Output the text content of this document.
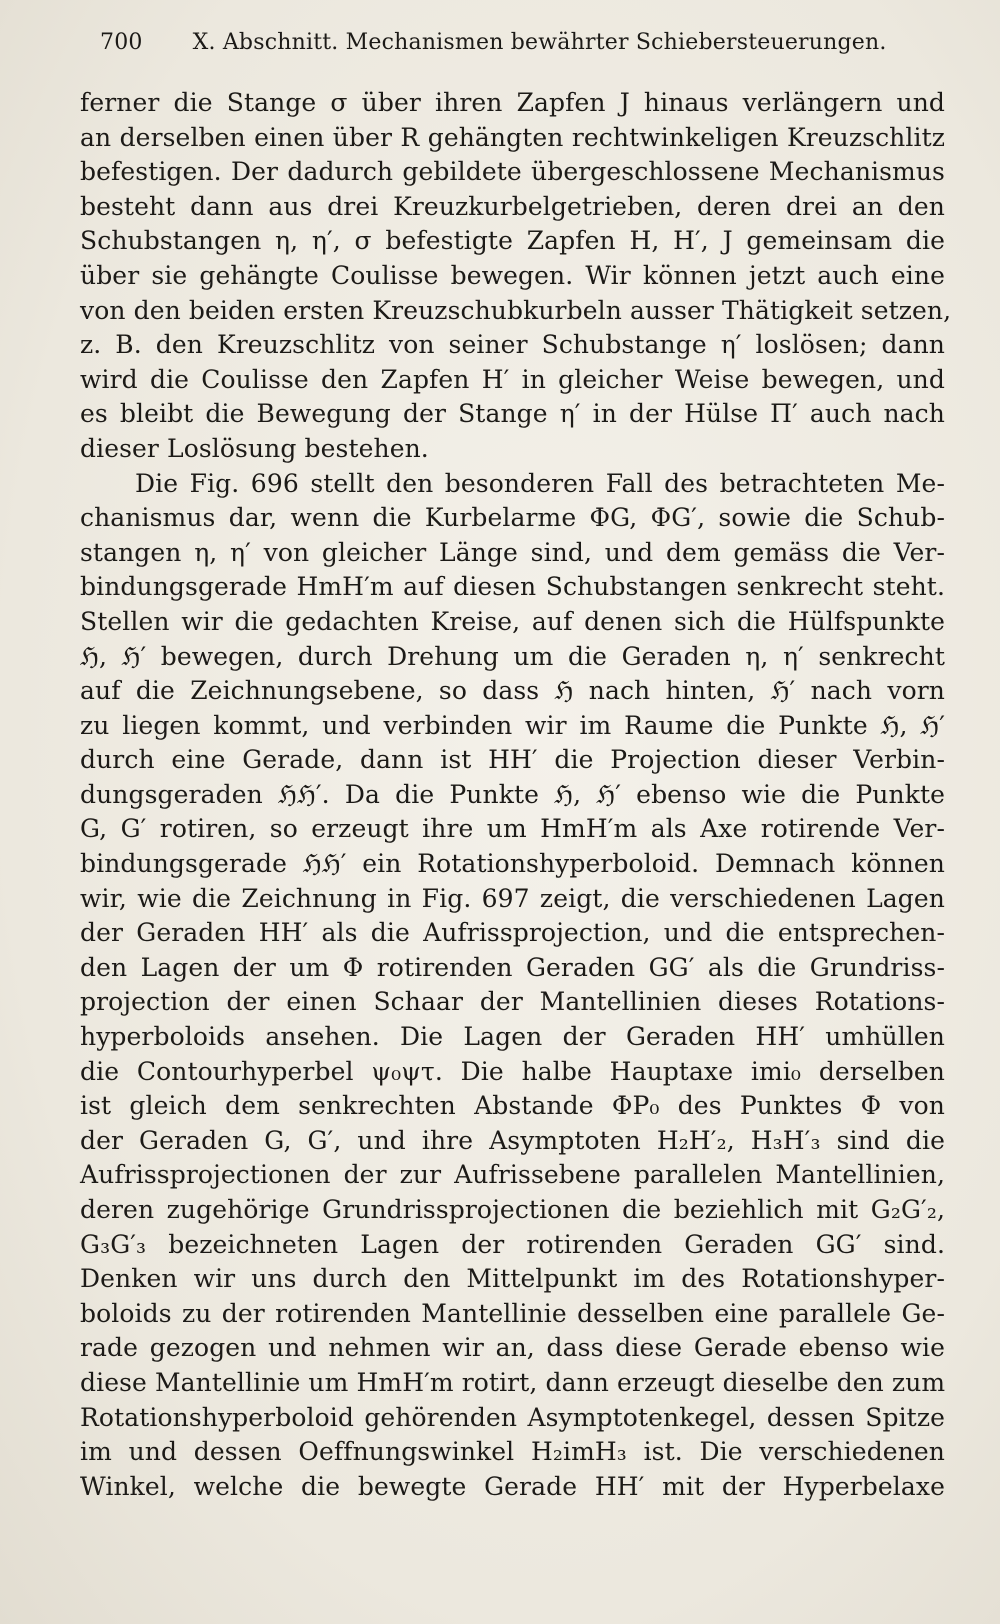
700 X. Abschnitt. Mechanismen bewährter Schiebersteuerungen.
ferner die Stange σ über ihren Zapfen J hinaus verlängern und
an derselben einen über R gehängten rechtwinkeligen Kreuzschlitz
befestigen. Der dadurch gebildete übergeschlossene Mechanismus
besteht dann aus drei Kreuzkurbelgetrieben, deren drei an den
Schubstangen η, η′, σ befestigte Zapfen H, H′, J gemeinsam die
über sie gehängte Coulisse bewegen. Wir können jetzt auch eine
von den beiden ersten Kreuzschubkurbeln ausser Thätigkeit setzen,
z. B. den Kreuzschlitz von seiner Schubstange η′ loslösen; dann
wird die Coulisse den Zapfen H′ in gleicher Weise bewegen, und
es bleibt die Bewegung der Stange η′ in der Hülse Π′ auch nach
dieser Loslösung bestehen.
Die Fig. 696 stellt den besonderen Fall des betrachteten Me-
chanismus dar, wenn die Kurbelarme ΦG, ΦG′, sowie die Schub-
stangen η, η′ von gleicher Länge sind, und dem gemäss die Ver-
bindungsgerade HmH′m auf diesen Schubstangen senkrecht steht.
Stellen wir die gedachten Kreise, auf denen sich die Hülfspunkte
ℌ, ℌ′ bewegen, durch Drehung um die Geraden η, η′ senkrecht
auf die Zeichnungsebene, so dass ℌ nach hinten, ℌ′ nach vorn
zu liegen kommt, und verbinden wir im Raume die Punkte ℌ, ℌ′
durch eine Gerade, dann ist HH′ die Projection dieser Verbin-
dungsgeraden ℌℌ′. Da die Punkte ℌ, ℌ′ ebenso wie die Punkte
G, G′ rotiren, so erzeugt ihre um HmH′m als Axe rotirende Ver-
bindungsgerade ℌℌ′ ein Rotationshyperboloid. Demnach können
wir, wie die Zeichnung in Fig. 697 zeigt, die verschiedenen Lagen
der Geraden HH′ als die Aufrissprojection, und die entsprechen-
den Lagen der um Φ rotirenden Geraden GG′ als die Grundriss-
projection der einen Schaar der Mantellinien dieses Rotations-
hyperboloids ansehen. Die Lagen der Geraden HH′ umhüllen
die Contourhyperbel ψ₀ψτ. Die halbe Hauptaxe imi₀ derselben
ist gleich dem senkrechten Abstande ΦP₀ des Punktes Φ von
der Geraden G, G′, und ihre Asymptoten H₂H′₂, H₃H′₃ sind die
Aufrissprojectionen der zur Aufrissebene parallelen Mantellinien,
deren zugehörige Grundrissprojectionen die beziehlich mit G₂G′₂,
G₃G′₃ bezeichneten Lagen der rotirenden Geraden GG′ sind.
Denken wir uns durch den Mittelpunkt im des Rotationshyper-
boloids zu der rotirenden Mantellinie desselben eine parallele Ge-
rade gezogen und nehmen wir an, dass diese Gerade ebenso wie
diese Mantellinie um HmH′m rotirt, dann erzeugt dieselbe den zum
Rotationshyperboloid gehörenden Asymptotenkegel, dessen Spitze
im und dessen Oeffnungswinkel H₂imH₃ ist. Die verschiedenen
Winkel, welche die bewegte Gerade HH′ mit der Hyperbelaxe
